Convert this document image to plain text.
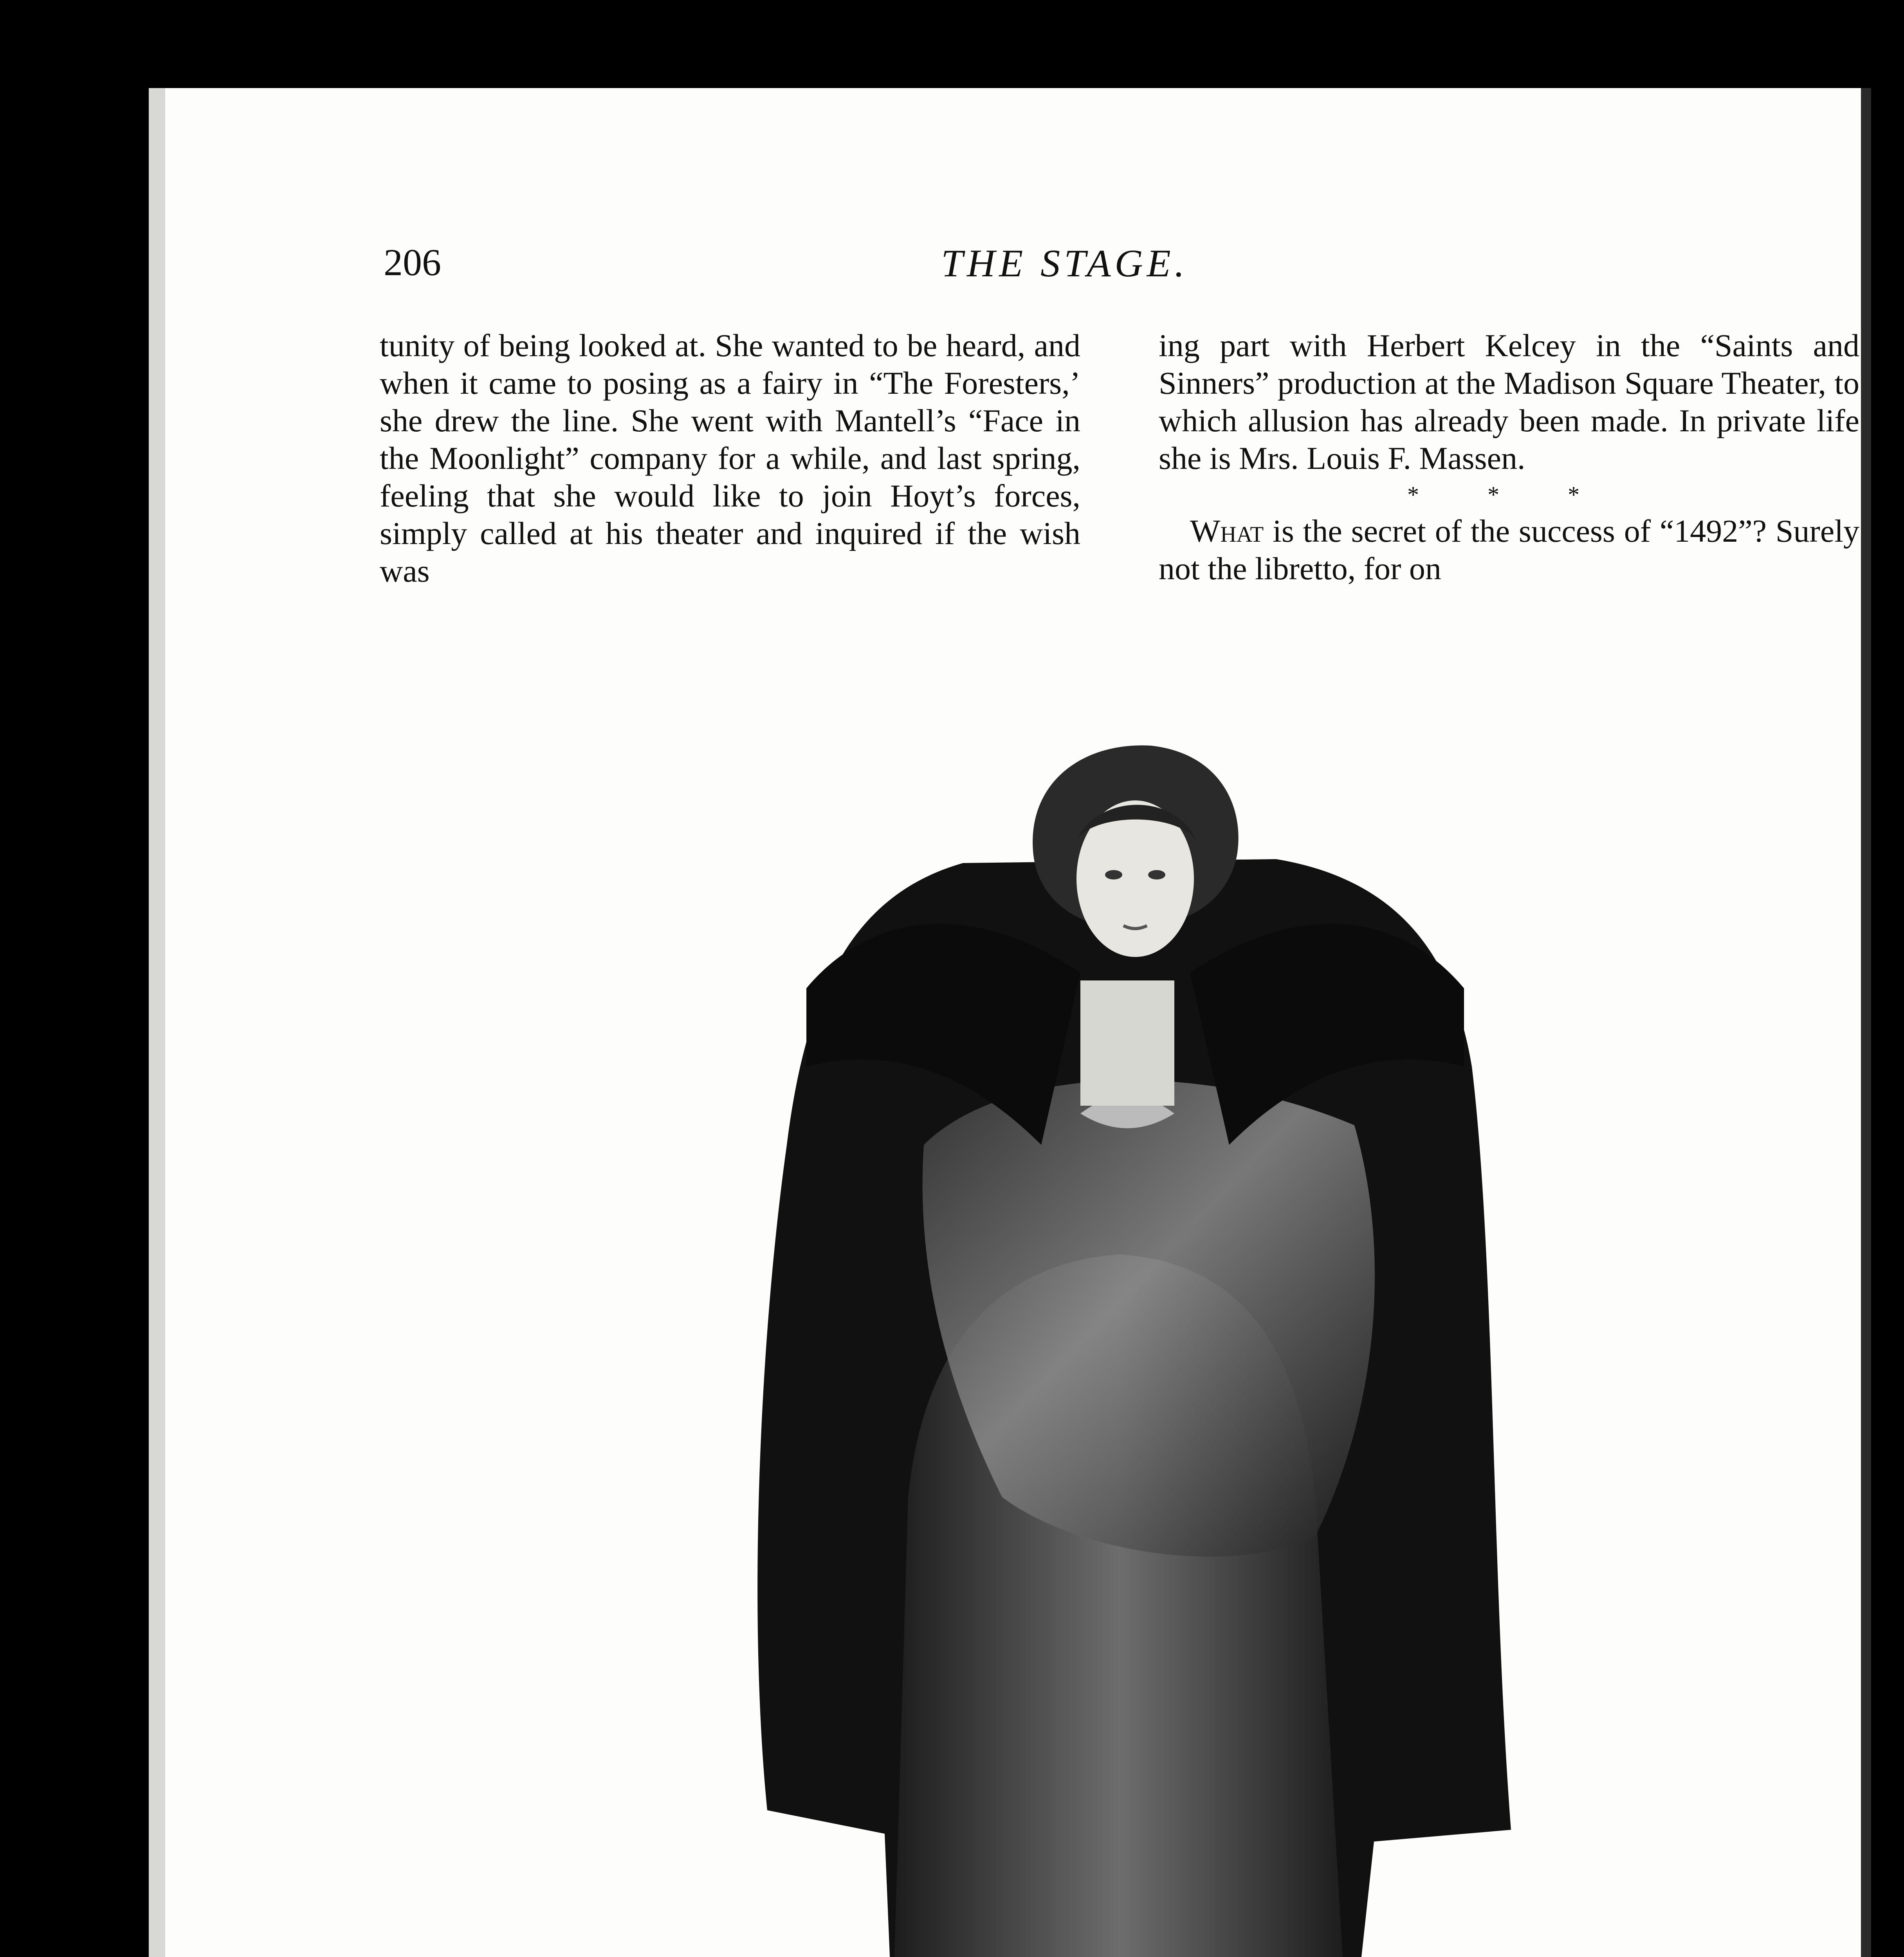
206	THE STAGE.

tunity of being looked at. She wanted to be heard, and when it came to posing as a fairy in “The Foresters,’ she drew the line. She went with Mantell’s “Face in the Moonlight” company for a while, and last spring, feeling that she would like to join Hoyt’s forces, simply called at his theater and inquired if the wish was

ing part with Herbert Kelcey in the “Saints and Sinners” production at the Madison Square Theater, to which allusion has already been made. In private life she is Mrs. Louis F. Massen.

* * *

What is the secret of the success of “1492”? Surely not the libretto, for on
